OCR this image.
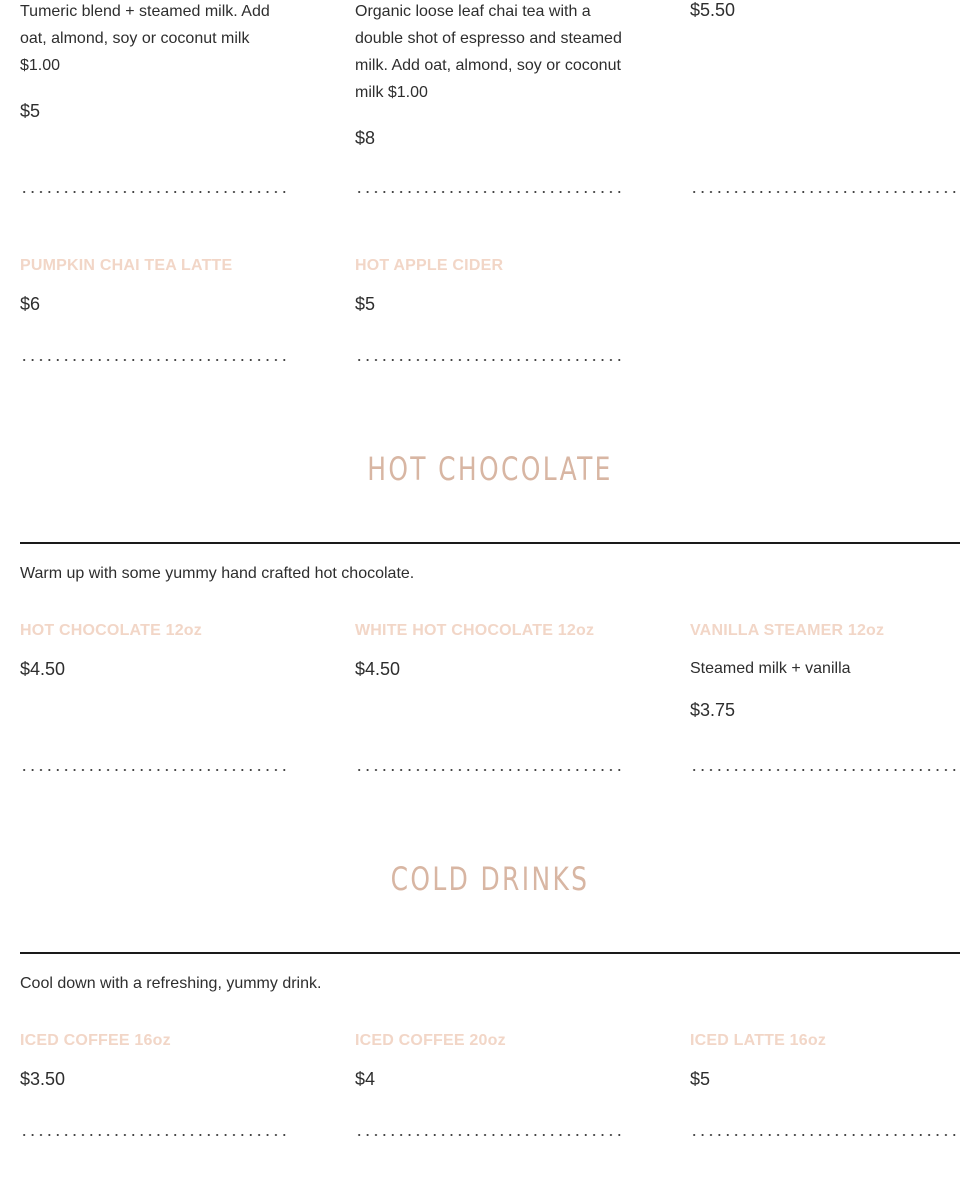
Tumeric blend + steamed milk. Add oat, almond, soy or coconut milk $1.00

$5

Organic loose leaf chai tea with a double shot of espresso and steamed milk. Add oat, almond, soy or coconut milk $1.00

$8

$5.50

PUMPKIN CHAI TEA LATTE

$6

HOT APPLE CIDER

$5

HOT CHOCOLATE
Warm up with some yummy hand crafted hot chocolate.

HOT CHOCOLATE 12oz

$4.50

WHITE HOT CHOCOLATE 12oz

$4.50

VANILLA STEAMER 12oz

Steamed milk + vanilla

$3.75

COLD DRINKS
Cool down with a refreshing, yummy drink.

ICED COFFEE 16oz

$3.50

ICED COFFEE 20oz

$4

ICED LATTE 16oz

$5
